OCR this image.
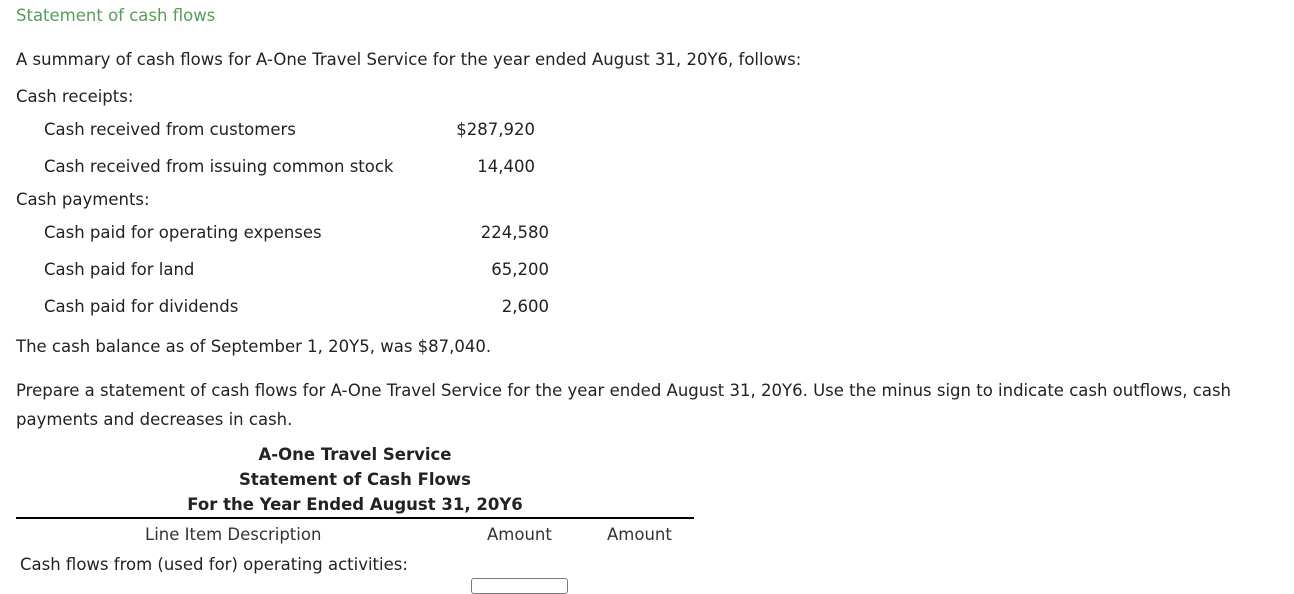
Statement of cash flows
A summary of cash flows for A-One Travel Service for the year ended August 31, 20Y6, follows:
Cash receipts:
Cash received from customers	$287,920
Cash received from issuing common stock	14,400
Cash payments:
Cash paid for operating expenses	224,580
Cash paid for land	65,200
Cash paid for dividends	2,600
The cash balance as of September 1, 20Y5, was $87,040.
Prepare a statement of cash flows for A-One Travel Service for the year ended August 31, 20Y6. Use the minus sign to indicate cash outflows, cash
payments and decreases in cash.
A-One Travel Service
Statement of Cash Flows
For the Year Ended August 31, 20Y6
Line Item Description	Amount	Amount
Cash flows from (used for) operating activities:
